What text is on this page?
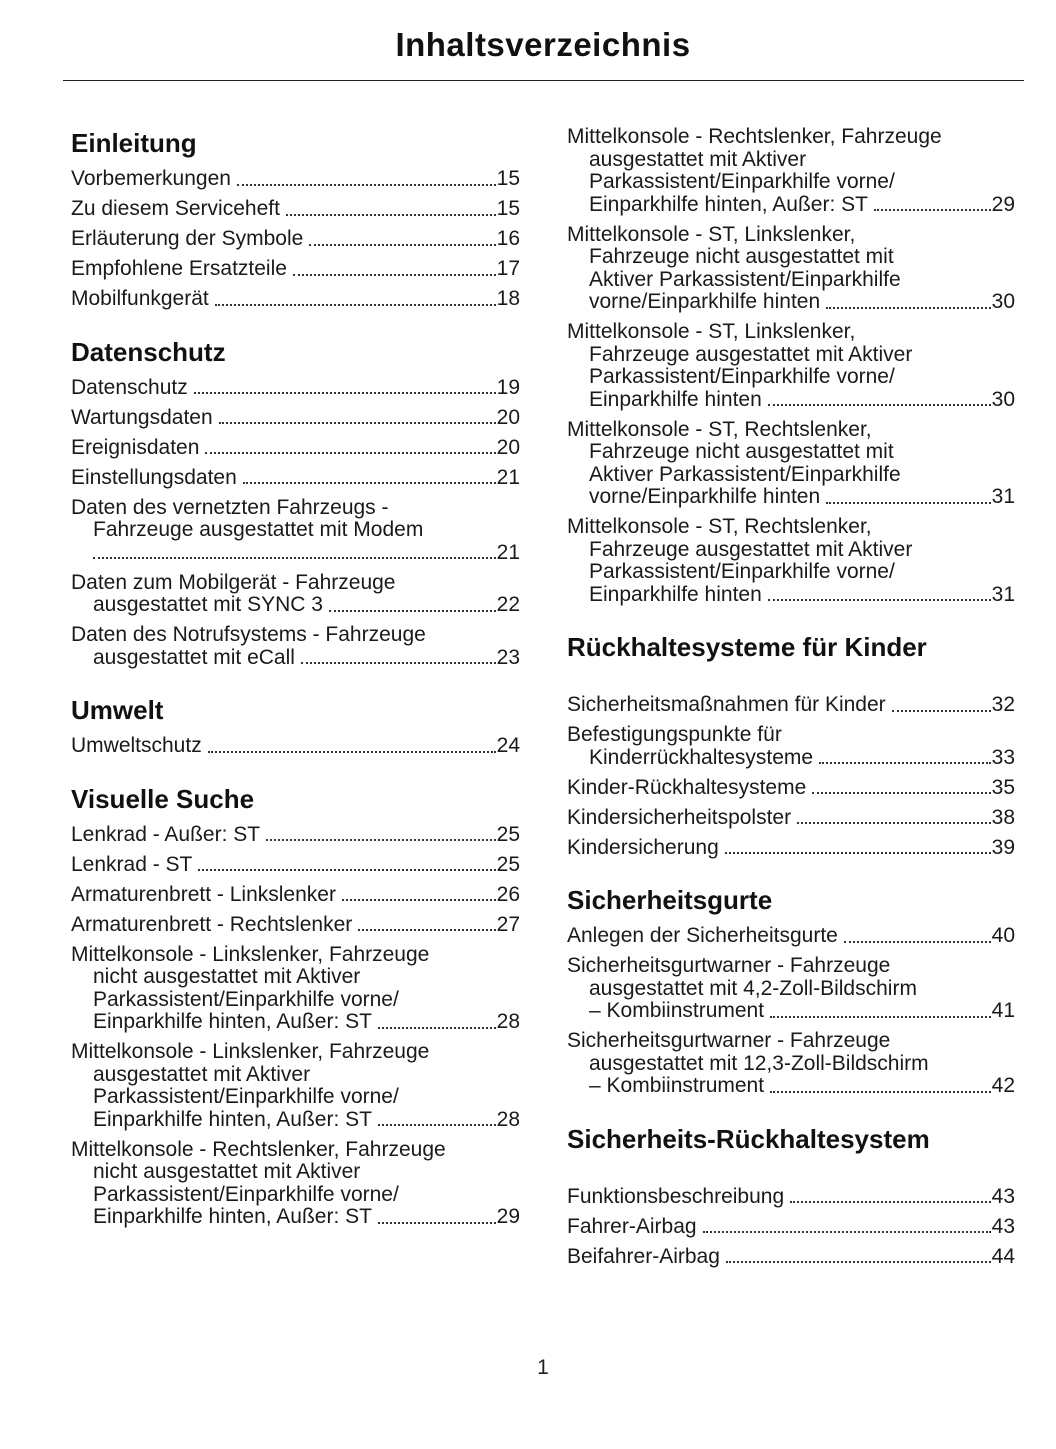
Inhaltsverzeichnis
Einleitung
Vorbemerkungen	15
Zu diesem Serviceheft	15
Erläuterung der Symbole	16
Empfohlene Ersatzteile	17
Mobilfunkgerät	18
Datenschutz
Datenschutz	19
Wartungsdaten	20
Ereignisdaten	20
Einstellungsdaten	21
Daten des vernetzten Fahrzeugs -
Fahrzeuge ausgestattet mit Modem
21
Daten zum Mobilgerät - Fahrzeuge
ausgestattet mit SYNC 3	22
Daten des Notrufsystems - Fahrzeuge
ausgestattet mit eCall	23
Umwelt
Umweltschutz	24
Visuelle Suche
Lenkrad - Außer: ST	25
Lenkrad - ST	25
Armaturenbrett - Linkslenker	26
Armaturenbrett - Rechtslenker	27
Mittelkonsole - Linkslenker, Fahrzeuge
nicht ausgestattet mit Aktiver
Parkassistent/Einparkhilfe vorne/
Einparkhilfe hinten, Außer: ST	28
Mittelkonsole - Linkslenker, Fahrzeuge
ausgestattet mit Aktiver
Parkassistent/Einparkhilfe vorne/
Einparkhilfe hinten, Außer: ST	28
Mittelkonsole - Rechtslenker, Fahrzeuge
nicht ausgestattet mit Aktiver
Parkassistent/Einparkhilfe vorne/
Einparkhilfe hinten, Außer: ST	29
Mittelkonsole - Rechtslenker, Fahrzeuge
ausgestattet mit Aktiver
Parkassistent/Einparkhilfe vorne/
Einparkhilfe hinten, Außer: ST	29
Mittelkonsole - ST, Linkslenker,
Fahrzeuge nicht ausgestattet mit
Aktiver Parkassistent/Einparkhilfe
vorne/Einparkhilfe hinten	30
Mittelkonsole - ST, Linkslenker,
Fahrzeuge ausgestattet mit Aktiver
Parkassistent/Einparkhilfe vorne/
Einparkhilfe hinten	30
Mittelkonsole - ST, Rechtslenker,
Fahrzeuge nicht ausgestattet mit
Aktiver Parkassistent/Einparkhilfe
vorne/Einparkhilfe hinten	31
Mittelkonsole - ST, Rechtslenker,
Fahrzeuge ausgestattet mit Aktiver
Parkassistent/Einparkhilfe vorne/
Einparkhilfe hinten	31
Rückhaltesysteme für Kinder
Sicherheitsmaßnahmen für Kinder	32
Befestigungspunkte für
Kinderrückhaltesysteme	33
Kinder-Rückhaltesysteme	35
Kindersicherheitspolster	38
Kindersicherung	39
Sicherheitsgurte
Anlegen der Sicherheitsgurte	40
Sicherheitsgurtwarner - Fahrzeuge
ausgestattet mit 4,2-Zoll-Bildschirm
– Kombiinstrument	41
Sicherheitsgurtwarner - Fahrzeuge
ausgestattet mit 12,3-Zoll-Bildschirm
– Kombiinstrument	42
Sicherheits-Rückhaltesystem
Funktionsbeschreibung	43
Fahrer-Airbag	43
Beifahrer-Airbag	44
1
